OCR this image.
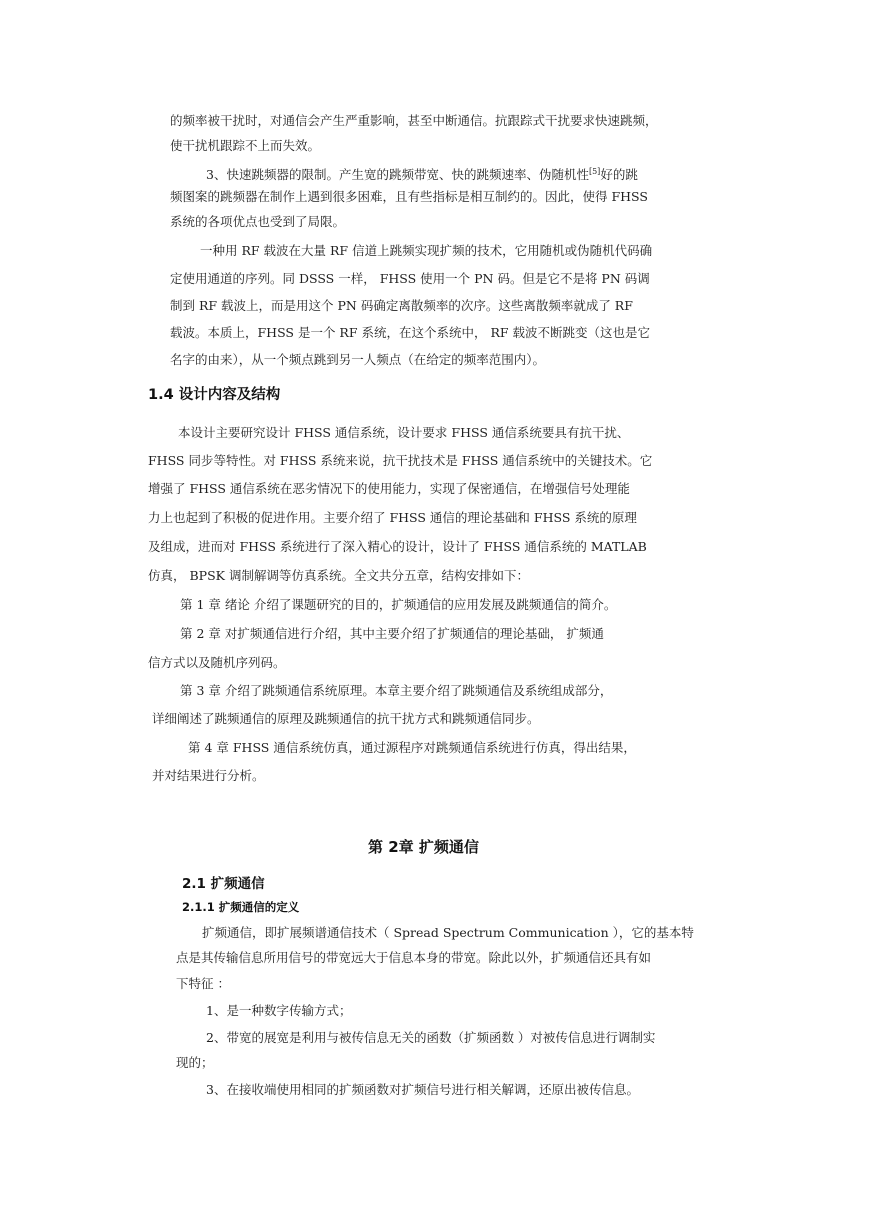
的频率被干扰时，对通信会产生严重影响，甚至中断通信。抗跟踪式干扰要求快速跳频，
使干扰机跟踪不上而失效。
3、快速跳频器的限制。产生宽的跳频带宽、快的跳频速率、伪随机性[5]好的跳
频图案的跳频器在制作上遇到很多困难，且有些指标是相互制约的。因此，使得 FHSS
系统的各项优点也受到了局限。
一种用 RF 载波在大量 RF 信道上跳频实现扩频的技术，它用随机或伪随机代码确
定使用通道的序列。同 DSSS 一样， FHSS 使用一个 PN 码。但是它不是将 PN 码调
制到 RF 载波上，而是用这个 PN 码确定离散频率的次序。这些离散频率就成了 RF
载波。本质上，FHSS 是一个 RF 系统，在这个系统中， RF 载波不断跳变（这也是它
名字的由来），从一个频点跳到另一人频点（在给定的频率范围内）。
1.4 设计内容及结构
本设计主要研究设计 FHSS 通信系统，设计要求 FHSS 通信系统要具有抗干扰、
FHSS 同步等特性。对 FHSS 系统来说，抗干扰技术是 FHSS 通信系统中的关键技术。它
增强了 FHSS 通信系统在恶劣情况下的使用能力，实现了保密通信，在增强信号处理能
力上也起到了积极的促进作用。主要介绍了 FHSS 通信的理论基础和 FHSS 系统的原理
及组成，进而对 FHSS 系统进行了深入精心的设计，设计了 FHSS 通信系统的 MATLAB
仿真， BPSK 调制解调等仿真系统。全文共分五章，结构安排如下：
第 1 章 绪论 介绍了课题研究的目的，扩频通信的应用发展及跳频通信的简介。
第 2 章 对扩频通信进行介绍，其中主要介绍了扩频通信的理论基础， 扩频通
信方式以及随机序列码。
第 3 章 介绍了跳频通信系统原理。本章主要介绍了跳频通信及系统组成部分，
详细阐述了跳频通信的原理及跳频通信的抗干扰方式和跳频通信同步。
第 4 章 FHSS 通信系统仿真，通过源程序对跳频通信系统进行仿真，得出结果，
并对结果进行分析。
第 2章 扩频通信
2.1 扩频通信
2.1.1 扩频通信的定义
扩频通信，即扩展频谱通信技术（ Spread Spectrum Communication ），它的基本特
点是其传输信息所用信号的带宽远大于信息本身的带宽。除此以外，扩频通信还具有如
下特征 ：
1、是一种数字传输方式；
2、带宽的展宽是利用与被传信息无关的函数（扩频函数 ）对被传信息进行调制实
现的；
3、在接收端使用相同的扩频函数对扩频信号进行相关解调，还原出被传信息。
